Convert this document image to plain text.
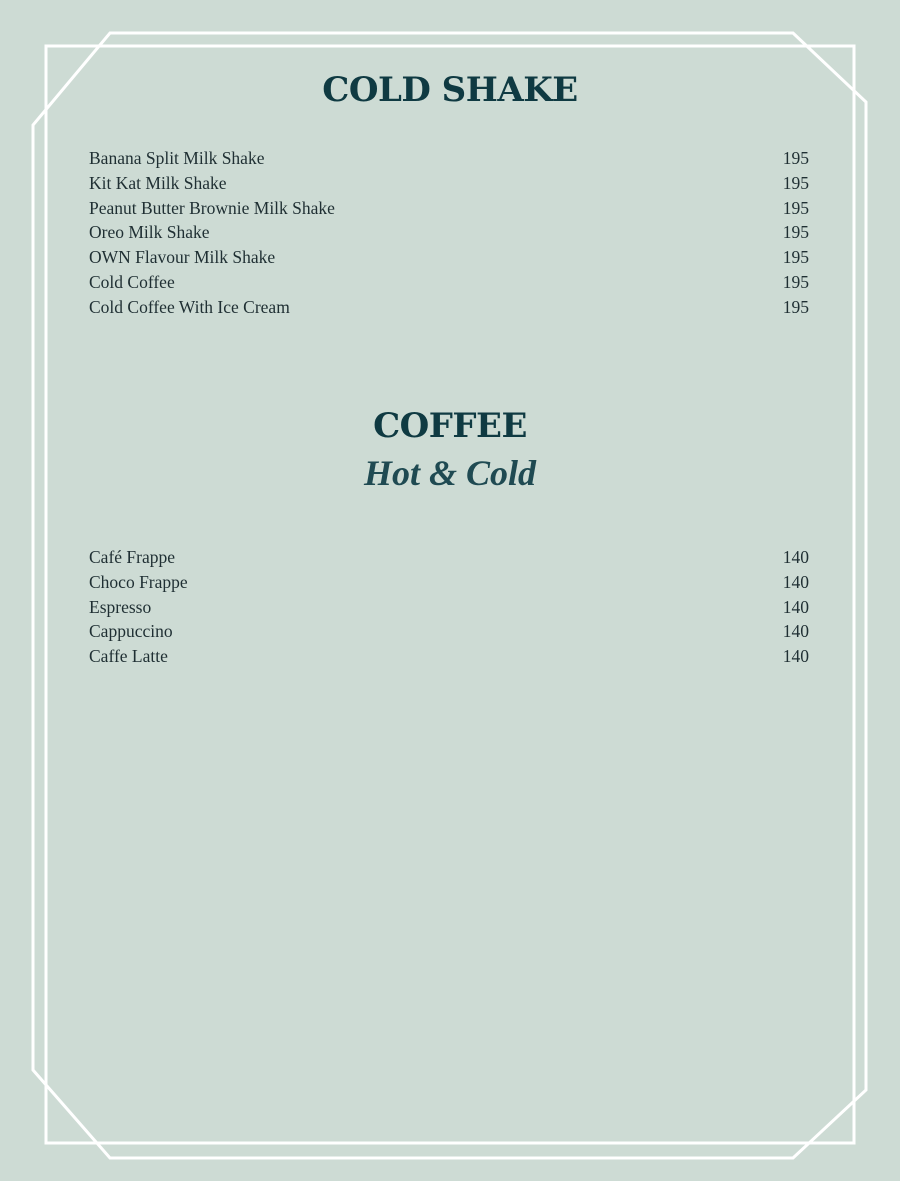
COLD SHAKE
Banana Split Milk Shake	195
Kit Kat Milk Shake	195
Peanut Butter Brownie Milk Shake	195
Oreo Milk Shake	195
OWN Flavour Milk Shake	195
Cold Coffee	195
Cold Coffee With Ice Cream	195
COFFEE
Hot & Cold
Café Frappe	140
Choco Frappe	140
Espresso	140
Cappuccino	140
Caffe Latte	140
